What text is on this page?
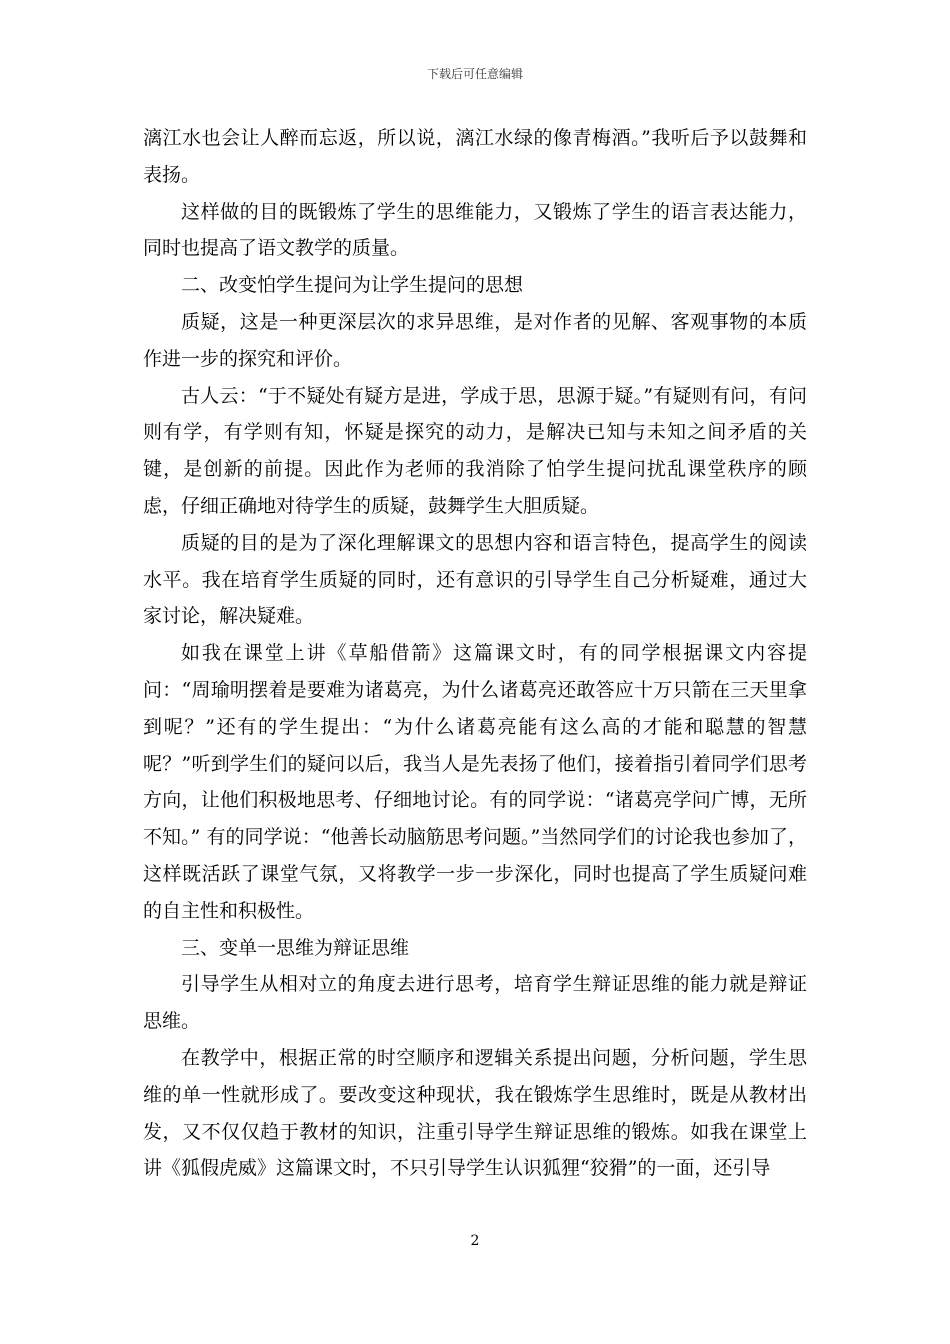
下载后可任意编辑

漓江水也会让人醉而忘返，所以说，漓江水绿的像青梅酒。”我听后予以鼓舞和表扬。

这样做的目的既锻炼了学生的思维能力，又锻炼了学生的语言表达能力，同时也提高了语文教学的质量。

二、改变怕学生提问为让学生提问的思想

质疑，这是一种更深层次的求异思维，是对作者的见解、客观事物的本质作进一步的探究和评价。

古人云：“于不疑处有疑方是进，学成于思，思源于疑。”有疑则有问，有问则有学，有学则有知，怀疑是探究的动力，是解决已知与未知之间矛盾的关键，是创新的前提。因此作为老师的我消除了怕学生提问扰乱课堂秩序的顾虑，仔细正确地对待学生的质疑，鼓舞学生大胆质疑。

质疑的目的是为了深化理解课文的思想内容和语言特色，提高学生的阅读水平。我在培育学生质疑的同时，还有意识的引导学生自己分析疑难，通过大家讨论，解决疑难。

如我在课堂上讲《草船借箭》这篇课文时，有的同学根据课文内容提问：“周瑜明摆着是要难为诸葛亮，为什么诸葛亮还敢答应十万只箭在三天里拿到呢？”还有的学生提出：“为什么诸葛亮能有这么高的才能和聪慧的智慧呢？”听到学生们的疑问以后，我当人是先表扬了他们，接着指引着同学们思考方向，让他们积极地思考、仔细地讨论。有的同学说：“诸葛亮学问广博，无所不知。” 有的同学说：“他善长动脑筋思考问题。”当然同学们的讨论我也参加了，这样既活跃了课堂气氛，又将教学一步一步深化，同时也提高了学生质疑问难的自主性和积极性。

三、变单一思维为辩证思维

引导学生从相对立的角度去进行思考，培育学生辩证思维的能力就是辩证思维。

在教学中，根据正常的时空顺序和逻辑关系提出问题，分析问题，学生思维的单一性就形成了。要改变这种现状，我在锻炼学生思维时，既是从教材出发，又不仅仅趋于教材的知识，注重引导学生辩证思维的锻炼。如我在课堂上讲《狐假虎威》这篇课文时，不只引导学生认识狐狸“狡猾”的一面，还引导

2
